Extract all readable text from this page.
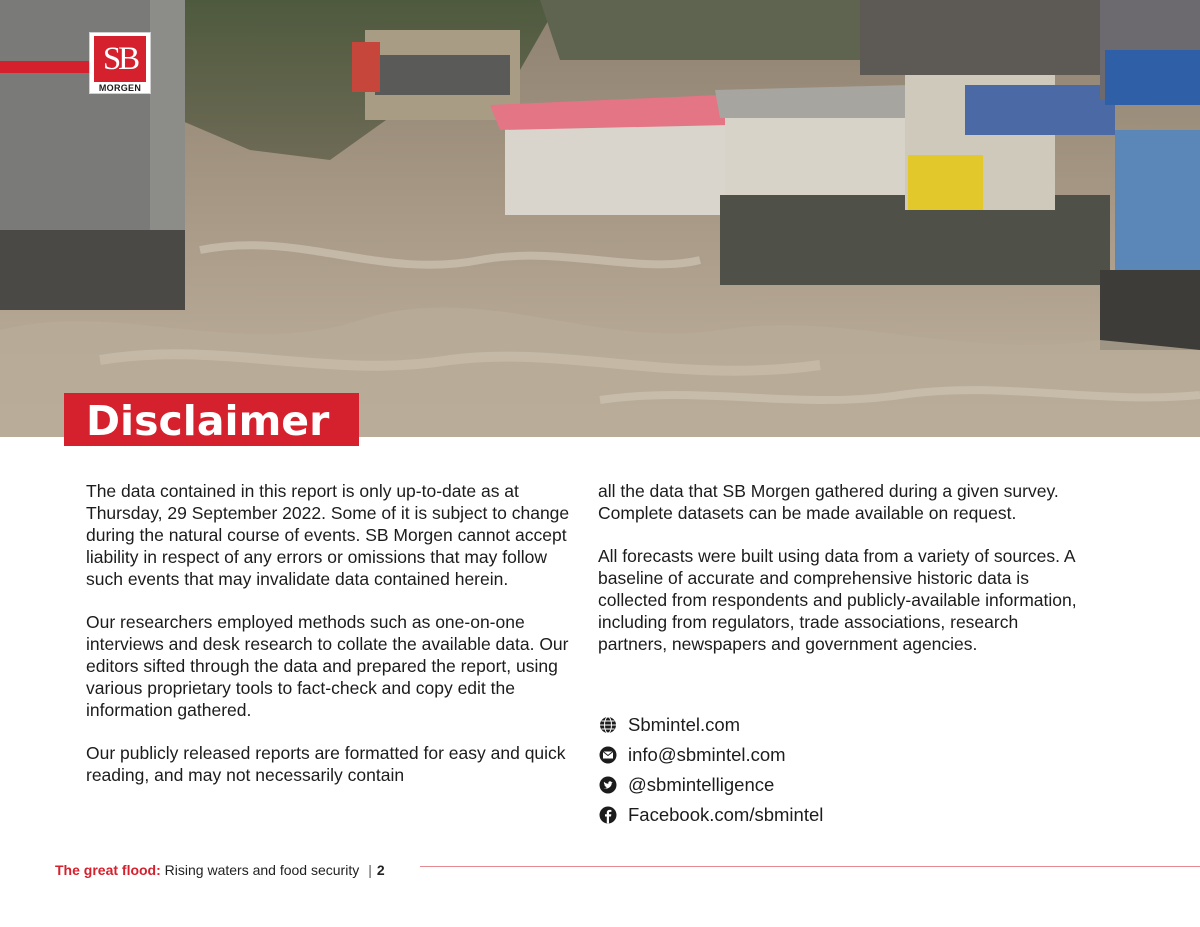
SB
MORGEN
Disclaimer

The data contained in this report is only up-to-date as at Thursday, 29 September 2022. Some of it is subject to change during the natural course of events. SB Morgen cannot accept liability in respect of any errors or omissions that may follow such events that may invalidate data contained herein.

Our researchers employed methods such as one-on-one interviews and desk research to collate the available data. Our editors sifted through the data and prepared the report, using various proprietary tools to fact-check and copy edit the information gathered.

Our publicly released reports are formatted for easy and quick reading, and may not necessarily contain

all the data that SB Morgen gathered during a given survey. Complete datasets can be made available on request.

All forecasts were built using data from a variety of sources. A baseline of accurate and comprehensive historic data is collected from respondents and publicly-available information, including from regulators, trade associations, research partners, newspapers and government agencies.

Sbmintel.com
info@sbmintel.com
@sbmintelligence
Facebook.com/sbmintel
The great flood: Rising waters and food security | 2
